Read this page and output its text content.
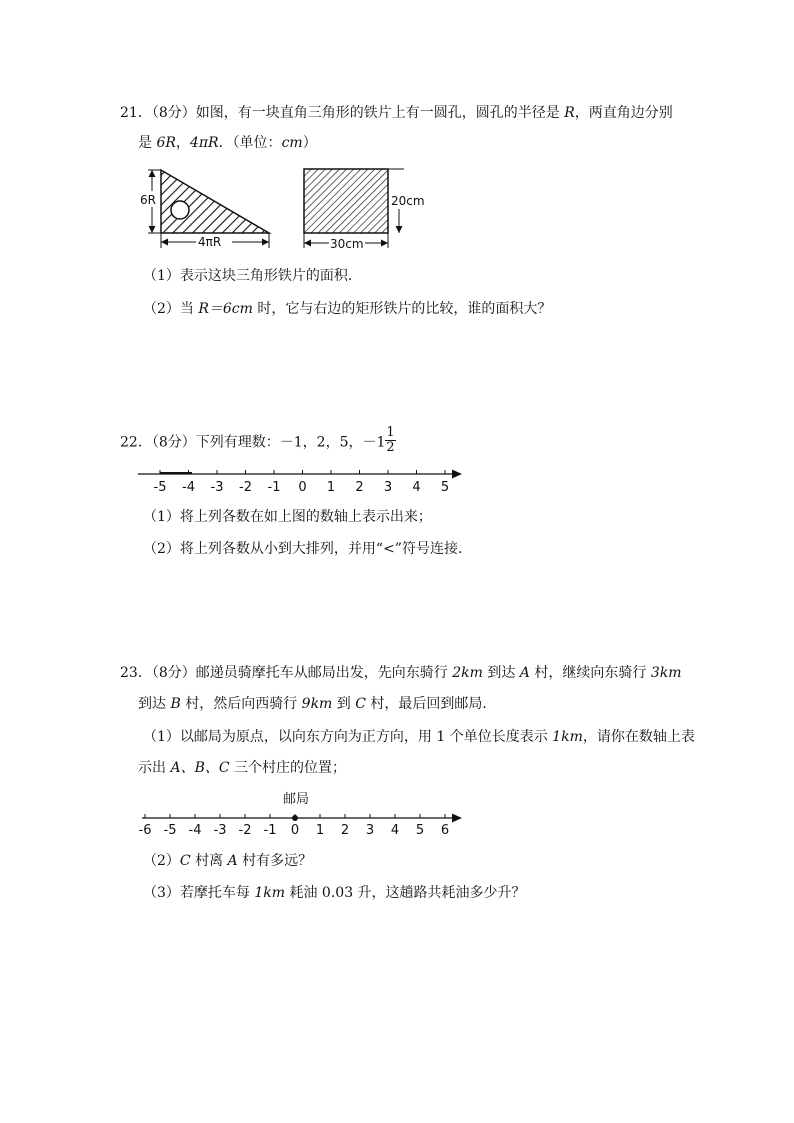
21．（8分）如图，有一块直角三角形的铁片上有一圆孔，圆孔的半径是 R，两直角边分别
是 6R，4πR．（单位：cm）
6R
4πR
20cm
30cm
（1）表示这块三角形铁片的面积．
（2）当 R＝6cm 时，它与右边的矩形铁片的比较，谁的面积大？
22．（8分）下列有理数：－1，2，5，$-1 \frac{1}{2}$
-5 -4 -3 -2 -1 0 1 2 3 4 5
（1）将上列各数在如上图的数轴上表示出来；
（2）将上列各数从小到大排列，并用“<”符号连接．
23．（8分）邮递员骑摩托车从邮局出发，先向东骑行 2km 到达 A 村，继续向东骑行 3km
到达 B 村，然后向西骑行 9km 到 C 村，最后回到邮局．
（1）以邮局为原点，以向东方向为正方向，用 1 个单位长度表示 1km，请你在数轴上表
示出 A、B、C 三个村庄的位置；
邮局
-6 -5 -4 -3 -2 -1 0 1 2 3 4 5 6
（2）C 村离 A 村有多远？
（3）若摩托车每 1km 耗油 0.03 升，这趟路共耗油多少升？
